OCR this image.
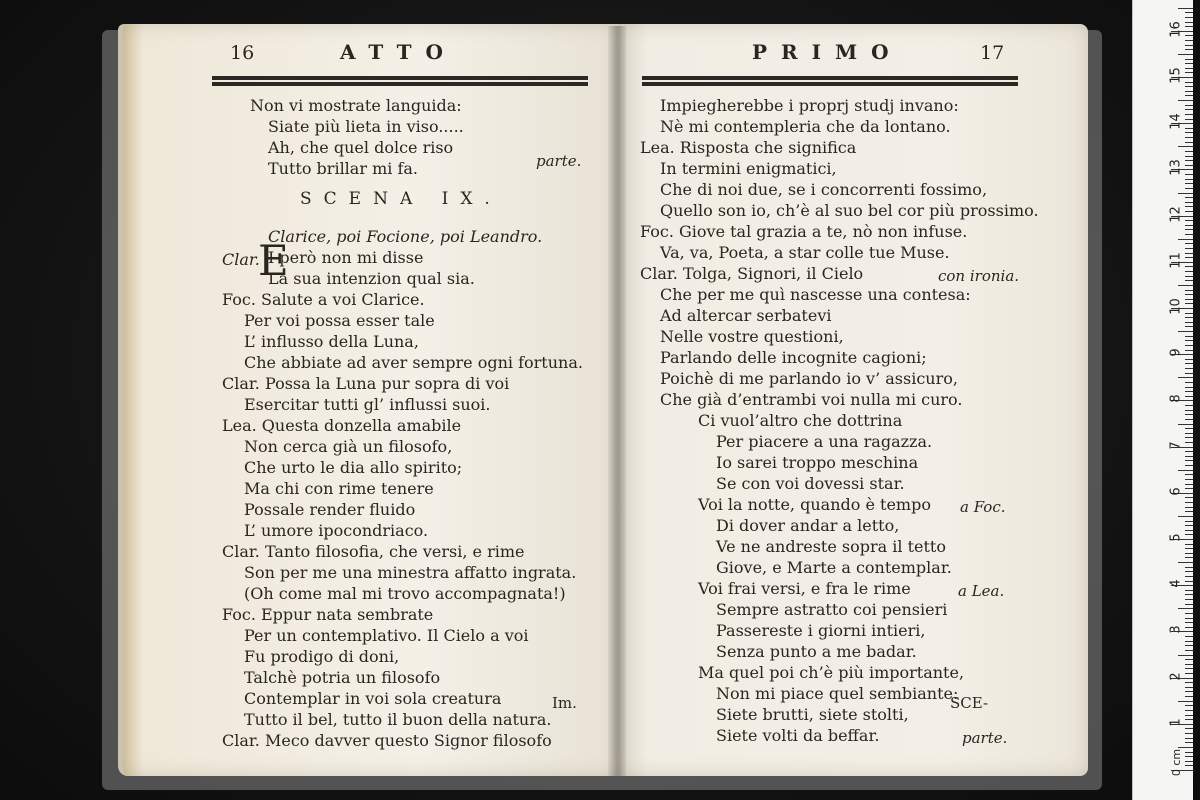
16	ATTO	PRIMO	17
SCENA IX.
Clar.
E
parte.
Im.
Non vi mostrate languida:
Siate più lieta in viso.....
Ah, che quel dolce riso
Tutto brillar mi fa.
Clarice, poi Focione, poi Leandro.
I però non mi disse
La sua intenzion qual sia.
Foc. Salute a voi Clarice.
Per voi possa esser tale
L’ influsso della Luna,
Che abbiate ad aver sempre ogni fortuna.
Clar. Possa la Luna pur sopra di voi
Esercitar tutti gl’ influssi suoi.
Lea. Questa donzella amabile
Non cerca già un filosofo,
Che urto le dia allo spirito;
Ma chi con rime tenere
Possale render fluido
L’ umore ipocondriaco.
Clar. Tanto filosofia, che versi, e rime
Son per me una minestra affatto ingrata.
(Oh come mal mi trovo accompagnata!)
Foc. Eppur nata sembrate
Per un contemplativo. Il Cielo a voi
Fu prodigo di doni,
Talchè potria un filosofo
Contemplar in voi sola creatura
Tutto il bel, tutto il buon della natura.
Clar. Meco davver questo Signor filosofo
Impiegherebbe i proprj studj invano:
Nè mi contempleria che da lontano.
Lea. Risposta che significa
In termini enigmatici,
Che di noi due, se i concorrenti fossimo,
Quello son io, ch’è al suo bel cor più prossimo.
Foc. Giove tal grazia a te, nò non infuse.
Va, va, Poeta, a star colle tue Muse.
Clar. Tolga, Signori, il Cielo
Che per me quì nascesse una contesa:
Ad altercar serbatevi
Nelle vostre questioni,
Parlando delle incognite cagioni;
Poichè di me parlando io v’ assicuro,
Che già d’entrambi voi nulla mi curo.
Ci vuol’altro che dottrina
Per piacere a una ragazza.
Io sarei troppo meschina
Se con voi dovessi star.
Voi la notte, quando è tempo
Di dover andar a letto,
Ve ne andreste sopra il tetto
Giove, e Marte a contemplar.
Voi frai versi, e fra le rime
Sempre astratto coi pensieri
Passereste i giorni intieri,
Senza punto a me badar.
Ma quel poi ch’è più importante,
Non mi piace quel sembiante:
Siete brutti, siete stolti,
Siete volti da beffar.
con ironia.
a Foc.
a Lea.
parte.
SCE-
0 cm
1
2
3
4
5
6
7
8
9
10
11
12
13
14
15
16
